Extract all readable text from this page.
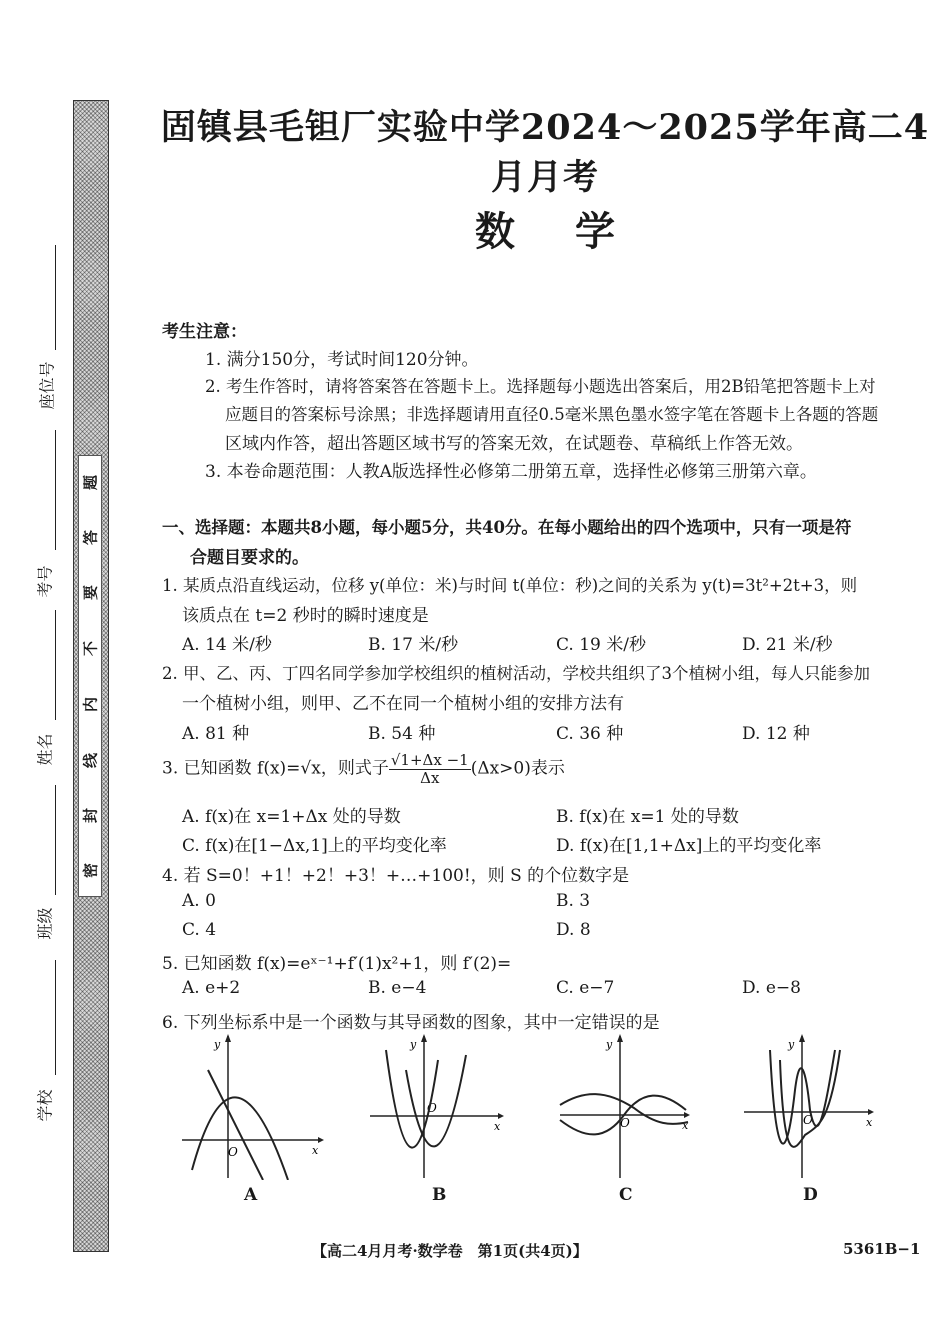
题
答
要
不
内
线
封
密
座位号
考号
姓名
班级
学校
固镇县毛钽厂实验中学2024～2025学年高二4月月考
数学
考生注意：
1. 满分150分，考试时间120分钟。
2. 考生作答时，请将答案答在答题卡上。选择题每小题选出答案后，用2B铅笔把答题卡上对
应题目的答案标号涂黑；非选择题请用直径0.5毫米黑色墨水签字笔在答题卡上各题的答题
区域内作答，超出答题区域书写的答案无效，在试题卷、草稿纸上作答无效。
3. 本卷命题范围：人教A版选择性必修第二册第五章，选择性必修第三册第六章。
一、选择题：本题共8小题，每小题5分，共40分。在每小题给出的四个选项中，只有一项是符
合题目要求的。
1. 某质点沿直线运动，位移 y(单位：米)与时间 t(单位：秒)之间的关系为 y(t)=3t²+2t+3，则
该质点在 t=2 秒时的瞬时速度是
A. 14 米/秒	B. 17 米/秒	C. 19 米/秒	D. 21 米/秒
2. 甲、乙、丙、丁四名同学参加学校组织的植树活动，学校共组织了3个植树小组，每人只能参加
一个植树小组，则甲、乙不在同一个植树小组的安排方法有
A. 81 种	B. 54 种	C. 36 种	D. 12 种
3. 已知函数 f(x)=√x，则式子 $\frac{√1+\Delta x -1}{\Delta x} (\Delta x>0)$表示
A. f(x)在 x=1+Δx 处的导数	B. f(x)在 x=1 处的导数
C. f(x)在[1−Δx,1]上的平均变化率	D. f(x)在[1,1+Δx]上的平均变化率
4. 若 S=0！+1！+2！+3！+…+100!，则 S 的个位数字是
A. 0	B. 3
C. 4	D. 8
5. 已知函数 f(x)=eˣ⁻¹+f′(1)x²+1，则 f′(2)=
A. e+2	B. e−4	C. e−7	D. e−8
6. 下列坐标系中是一个函数与其导函数的图象，其中一定错误的是
y
x
O
A
y
x
O
B
y
x
O
C
y
x
O
D
【高二4月月考·数学卷　第1页(共4页)】	5361B−1
